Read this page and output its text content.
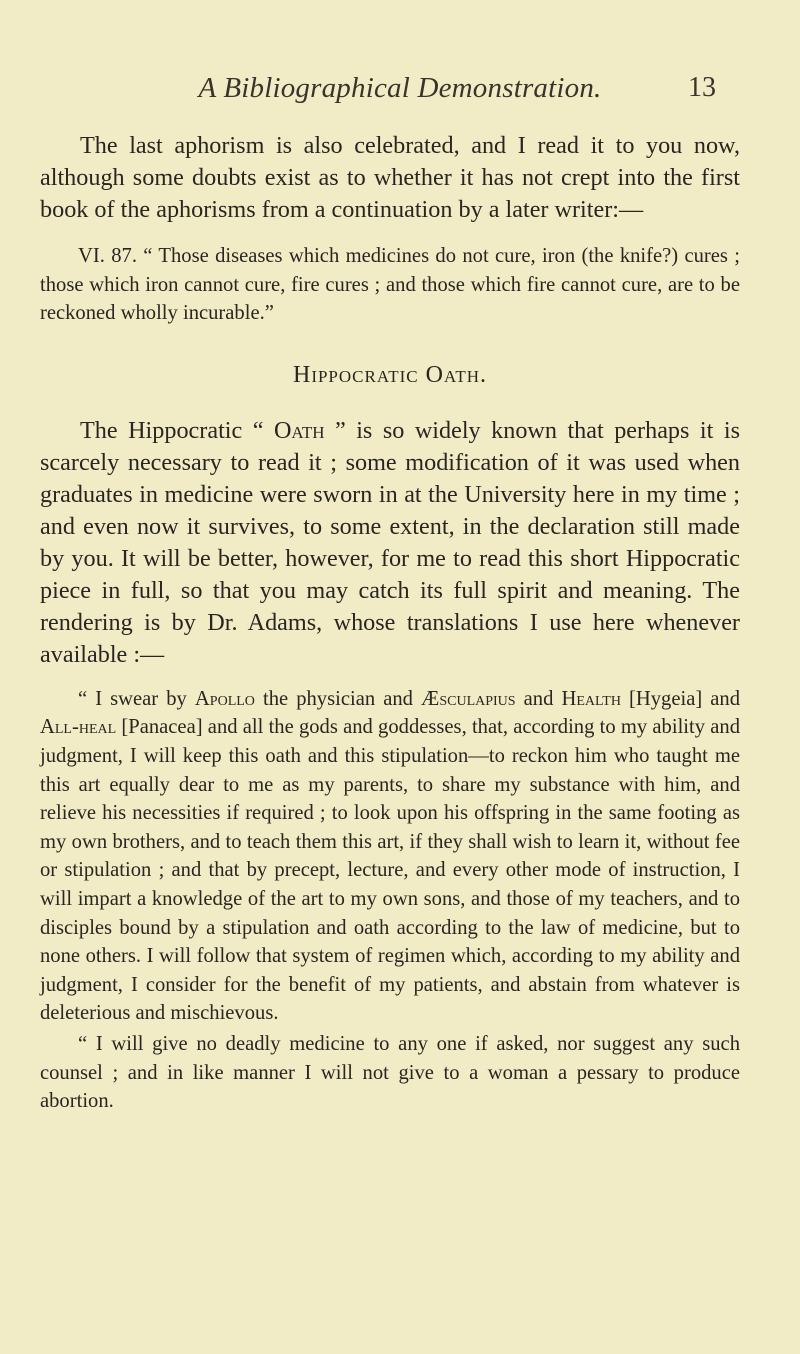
A Bibliographical Demonstration.	13

The last aphorism is also celebrated, and I read it to you now, although some doubts exist as to whether it has not crept into the first book of the aphorisms from a continuation by a later writer:—

VI. 87. “ Those diseases which medicines do not cure, iron (the knife?) cures ; those which iron cannot cure, fire cures ; and those which fire cannot cure, are to be reckoned wholly incurable.”

Hippocratic Oath.

The Hippocratic “ Oath ” is so widely known that perhaps it is scarcely necessary to read it ; some modification of it was used when graduates in medicine were sworn in at the University here in my time ; and even now it survives, to some extent, in the declaration still made by you. It will be better, however, for me to read this short Hippocratic piece in full, so that you may catch its full spirit and meaning. The rendering is by Dr. Adams, whose translations I use here whenever available :—

“ I swear by Apollo the physician and Æsculapius and Health [Hygeia] and All-heal [Panacea] and all the gods and goddesses, that, according to my ability and judgment, I will keep this oath and this stipulation—to reckon him who taught me this art equally dear to me as my parents, to share my substance with him, and relieve his necessities if required ; to look upon his offspring in the same footing as my own brothers, and to teach them this art, if they shall wish to learn it, without fee or stipulation ; and that by precept, lecture, and every other mode of instruction, I will impart a knowledge of the art to my own sons, and those of my teachers, and to disciples bound by a stipulation and oath according to the law of medicine, but to none others. I will follow that system of regimen which, according to my ability and judgment, I consider for the benefit of my patients, and abstain from whatever is deleterious and mischievous.

“ I will give no deadly medicine to any one if asked, nor suggest any such counsel ; and in like manner I will not give to a woman a pessary to produce abortion.
